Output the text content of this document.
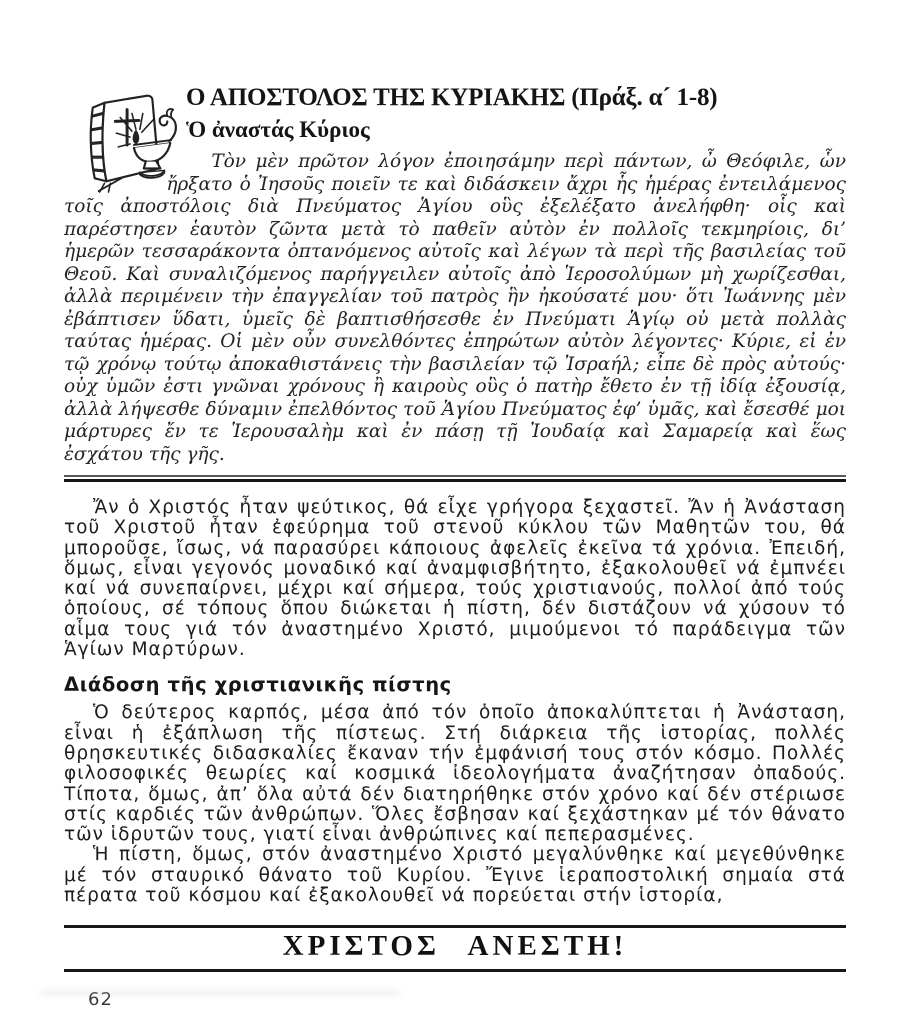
Ο ΑΠΟΣΤΟΛΟΣ ΤΗΣ ΚΥΡΙΑΚΗΣ (Πράξ. α´ 1-8)
Ὁ ἀναστάς Κύριος

Τὸν μὲν πρῶτον λόγον ἐποιησάμην περὶ πάντων, ὦ Θεόφιλε, ὧν ἤρξατο ὁ Ἰησοῦς ποιεῖν τε καὶ διδάσκειν ἄχρι ἧς ἡμέρας ἐντειλάμενος τοῖς ἀποστόλοις διὰ Πνεύματος Ἁγίου οὓς ἐξελέξατο ἀνελήφθη· οἷς καὶ παρέστησεν ἑαυτὸν ζῶντα μετὰ τὸ παθεῖν αὐτὸν ἐν πολλοῖς τεκμηρίοις, δι’ ἡμερῶν τεσσαράκοντα ὀπτανόμενος αὐτοῖς καὶ λέγων τὰ περὶ τῆς βασιλείας τοῦ Θεοῦ. Καὶ συναλιζόμενος παρήγγειλεν αὐτοῖς ἀπὸ Ἱεροσολύμων μὴ χωρίζεσθαι, ἀλλὰ περιμένειν τὴν ἐπαγγελίαν τοῦ πατρὸς ἣν ἠκούσατέ μου· ὅτι Ἰωάννης μὲν ἐβάπτισεν ὕδατι, ὑμεῖς δὲ βαπτισθήσεσθε ἐν Πνεύματι Ἁγίῳ οὐ μετὰ πολλὰς ταύτας ἡμέρας. Οἱ μὲν οὖν συνελθόντες ἐπηρώτων αὐτὸν λέγοντες· Κύριε, εἰ ἐν τῷ χρόνῳ τούτῳ ἀποκαθιστάνεις τὴν βασιλείαν τῷ Ἰσραήλ; εἶπε δὲ πρὸς αὐτούς· οὐχ ὑμῶν ἐστι γνῶναι χρόνους ἢ καιροὺς οὓς ὁ πατὴρ ἔθετο ἐν τῇ ἰδίᾳ ἐξουσίᾳ, ἀλλὰ λήψεσθε δύναμιν ἐπελθόντος τοῦ Ἁγίου Πνεύματος ἐφ’ ὑμᾶς, καὶ ἔσεσθέ μοι μάρτυρες ἔν τε Ἱερουσαλὴμ καὶ ἐν πάσῃ τῇ Ἰουδαίᾳ καὶ Σαμαρείᾳ καὶ ἕως ἐσχάτου τῆς γῆς.

Ἄν ὁ Χριστός ἦταν ψεύτικος, θά εἶχε γρήγορα ξεχαστεῖ. Ἄν ἡ Ἀνάσταση τοῦ Χριστοῦ ἦταν ἐφεύρημα τοῦ στενοῦ κύκλου τῶν Μαθητῶν του, θά μποροῦσε, ἴσως, νά παρασύρει κάποιους ἀφελεῖς ἐκεῖνα τά χρόνια. Ἐπειδή, ὅμως, εἶναι γεγονός μοναδικό καί ἀναμφισβήτητο, ἐξακολουθεῖ νά ἐμπνέει καί νά συνεπαίρνει, μέχρι καί σήμερα, τούς χριστιανούς, πολλοί ἀπό τούς ὁποίους, σέ τόπους ὅπου διώκεται ἡ πίστη, δέν διστάζουν νά χύσουν τό αἷμα τους γιά τόν ἀναστημένο Χριστό, μιμούμενοι τό παράδειγμα τῶν Ἁγίων Μαρτύρων.

Διάδοση τῆς χριστιανικῆς πίστης

Ὁ δεύτερος καρπός, μέσα ἀπό τόν ὁποῖο ἀποκαλύπτεται ἡ Ἀνάσταση, εἶναι ἡ ἐξάπλωση τῆς πίστεως. Στή διάρκεια τῆς ἱστορίας, πολλές θρησκευτικές διδασκαλίες ἔκαναν τήν ἐμφάνισή τους στόν κόσμο. Πολλές φιλοσοφικές θεωρίες καί κοσμικά ἰδεολογήματα ἀναζήτησαν ὀπαδούς. Τίποτα, ὅμως, ἀπ’ ὅλα αὐτά δέν διατηρήθηκε στόν χρόνο καί δέν στέριωσε στίς καρδιές τῶν ἀνθρώπων. Ὅλες ἔσβησαν καί ξεχάστηκαν μέ τόν θάνατο τῶν ἱδρυτῶν τους, γιατί εἶναι ἀνθρώπινες καί πεπερασμένες.

Ἡ πίστη, ὅμως, στόν ἀναστημένο Χριστό μεγαλύνθηκε καί μεγεθύνθηκε μέ τόν σταυρικό θάνατο τοῦ Κυρίου. Ἔγινε ἱεραποστολική σημαία στά πέρατα τοῦ κόσμου καί ἐξακολουθεῖ νά πορεύεται στήν ἱστορία,

ΧΡΙΣΤΟΣ ΑΝΕΣΤΗ!
62
